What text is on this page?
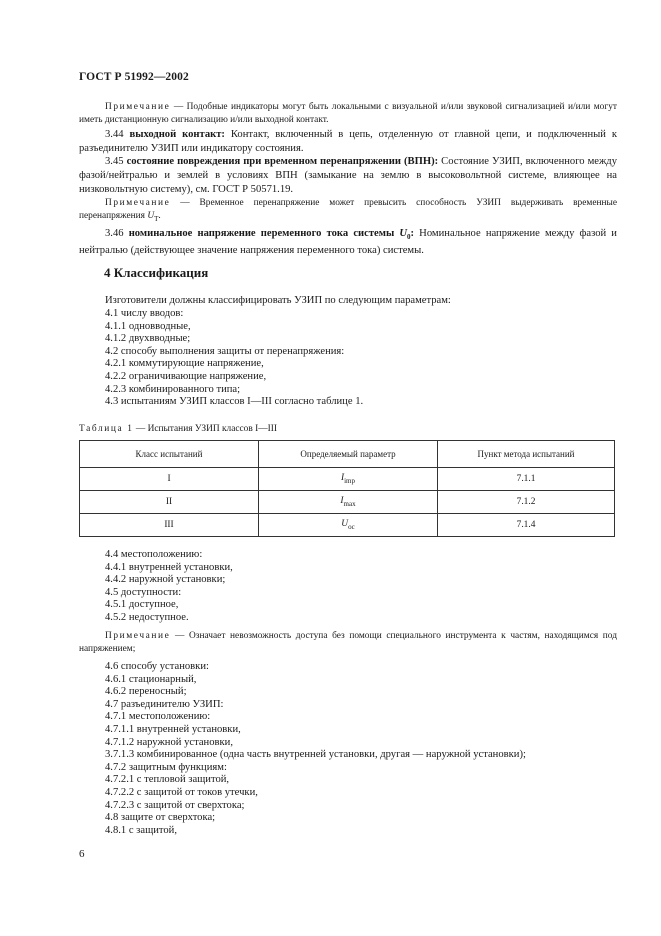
ГОСТ Р 51992—2002

Примечание — Подобные индикаторы могут быть локальными с визуальной и/или звуковой сигнализацией и/или могут иметь дистанционную сигнализацию и/или выходной контакт.

3.44 выходной контакт: Контакт, включенный в цепь, отделенную от главной цепи, и подключенный к разъединителю УЗИП или индикатору состояния.

3.45 состояние повреждения при временном перенапряжении (ВПН): Состояние УЗИП, включенного между фазой/нейтралью и землей в условиях ВПН (замыкание на землю в высоковольтной системе, влияющее на низковольтную систему), см. ГОСТ Р 50571.19.

Примечание — Временное перенапряжение может превысить способность УЗИП выдерживать временные перенапряжения $U_T$.

3.46 номинальное напряжение переменного тока системы $U_0$: Номинальное напряжение между фазой и нейтралью (действующее значение напряжения переменного тока) системы.

4 Классификация
Изготовители должны классифицировать УЗИП по следующим параметрам:
4.1 числу вводов:
4.1.1 одновводные,
4.1.2 двухвводные;
4.2 способу выполнения защиты от перенапряжения:
4.2.1 коммутирующие напряжение,
4.2.2 ограничивающие напряжение,
4.2.3 комбинированного типа;
4.3 испытаниям УЗИП классов I—III согласно таблице 1.
Таблица 1 — Испытания УЗИП классов I—III
Класс испытаний	Определяемый параметр	Пункт метода испытаний
I	$I_{imp}$	7.1.1
II	$I_{max}$	7.1.2
III	$U_{oc}$	7.1.4
4.4 местоположению:
4.4.1 внутренней установки,
4.4.2 наружной установки;
4.5 доступности:
4.5.1 доступное,
4.5.2 недоступное.

Примечание — Означает невозможность доступа без помощи специального инструмента к частям, находящимся под напряжением;

4.6 способу установки:
4.6.1 стационарный,
4.6.2 переносный;
4.7 разъединителю УЗИП:
4.7.1 местоположению:
4.7.1.1 внутренней установки,
4.7.1.2 наружной установки,
3.7.1.3 комбинированное (одна часть внутренней установки, другая — наружной установки);
4.7.2 защитным функциям:
4.7.2.1 с тепловой защитой,
4.7.2.2 с защитой от токов утечки,
4.7.2.3 с защитой от сверхтока;
4.8 защите от сверхтока;
4.8.1 с защитой,
6
